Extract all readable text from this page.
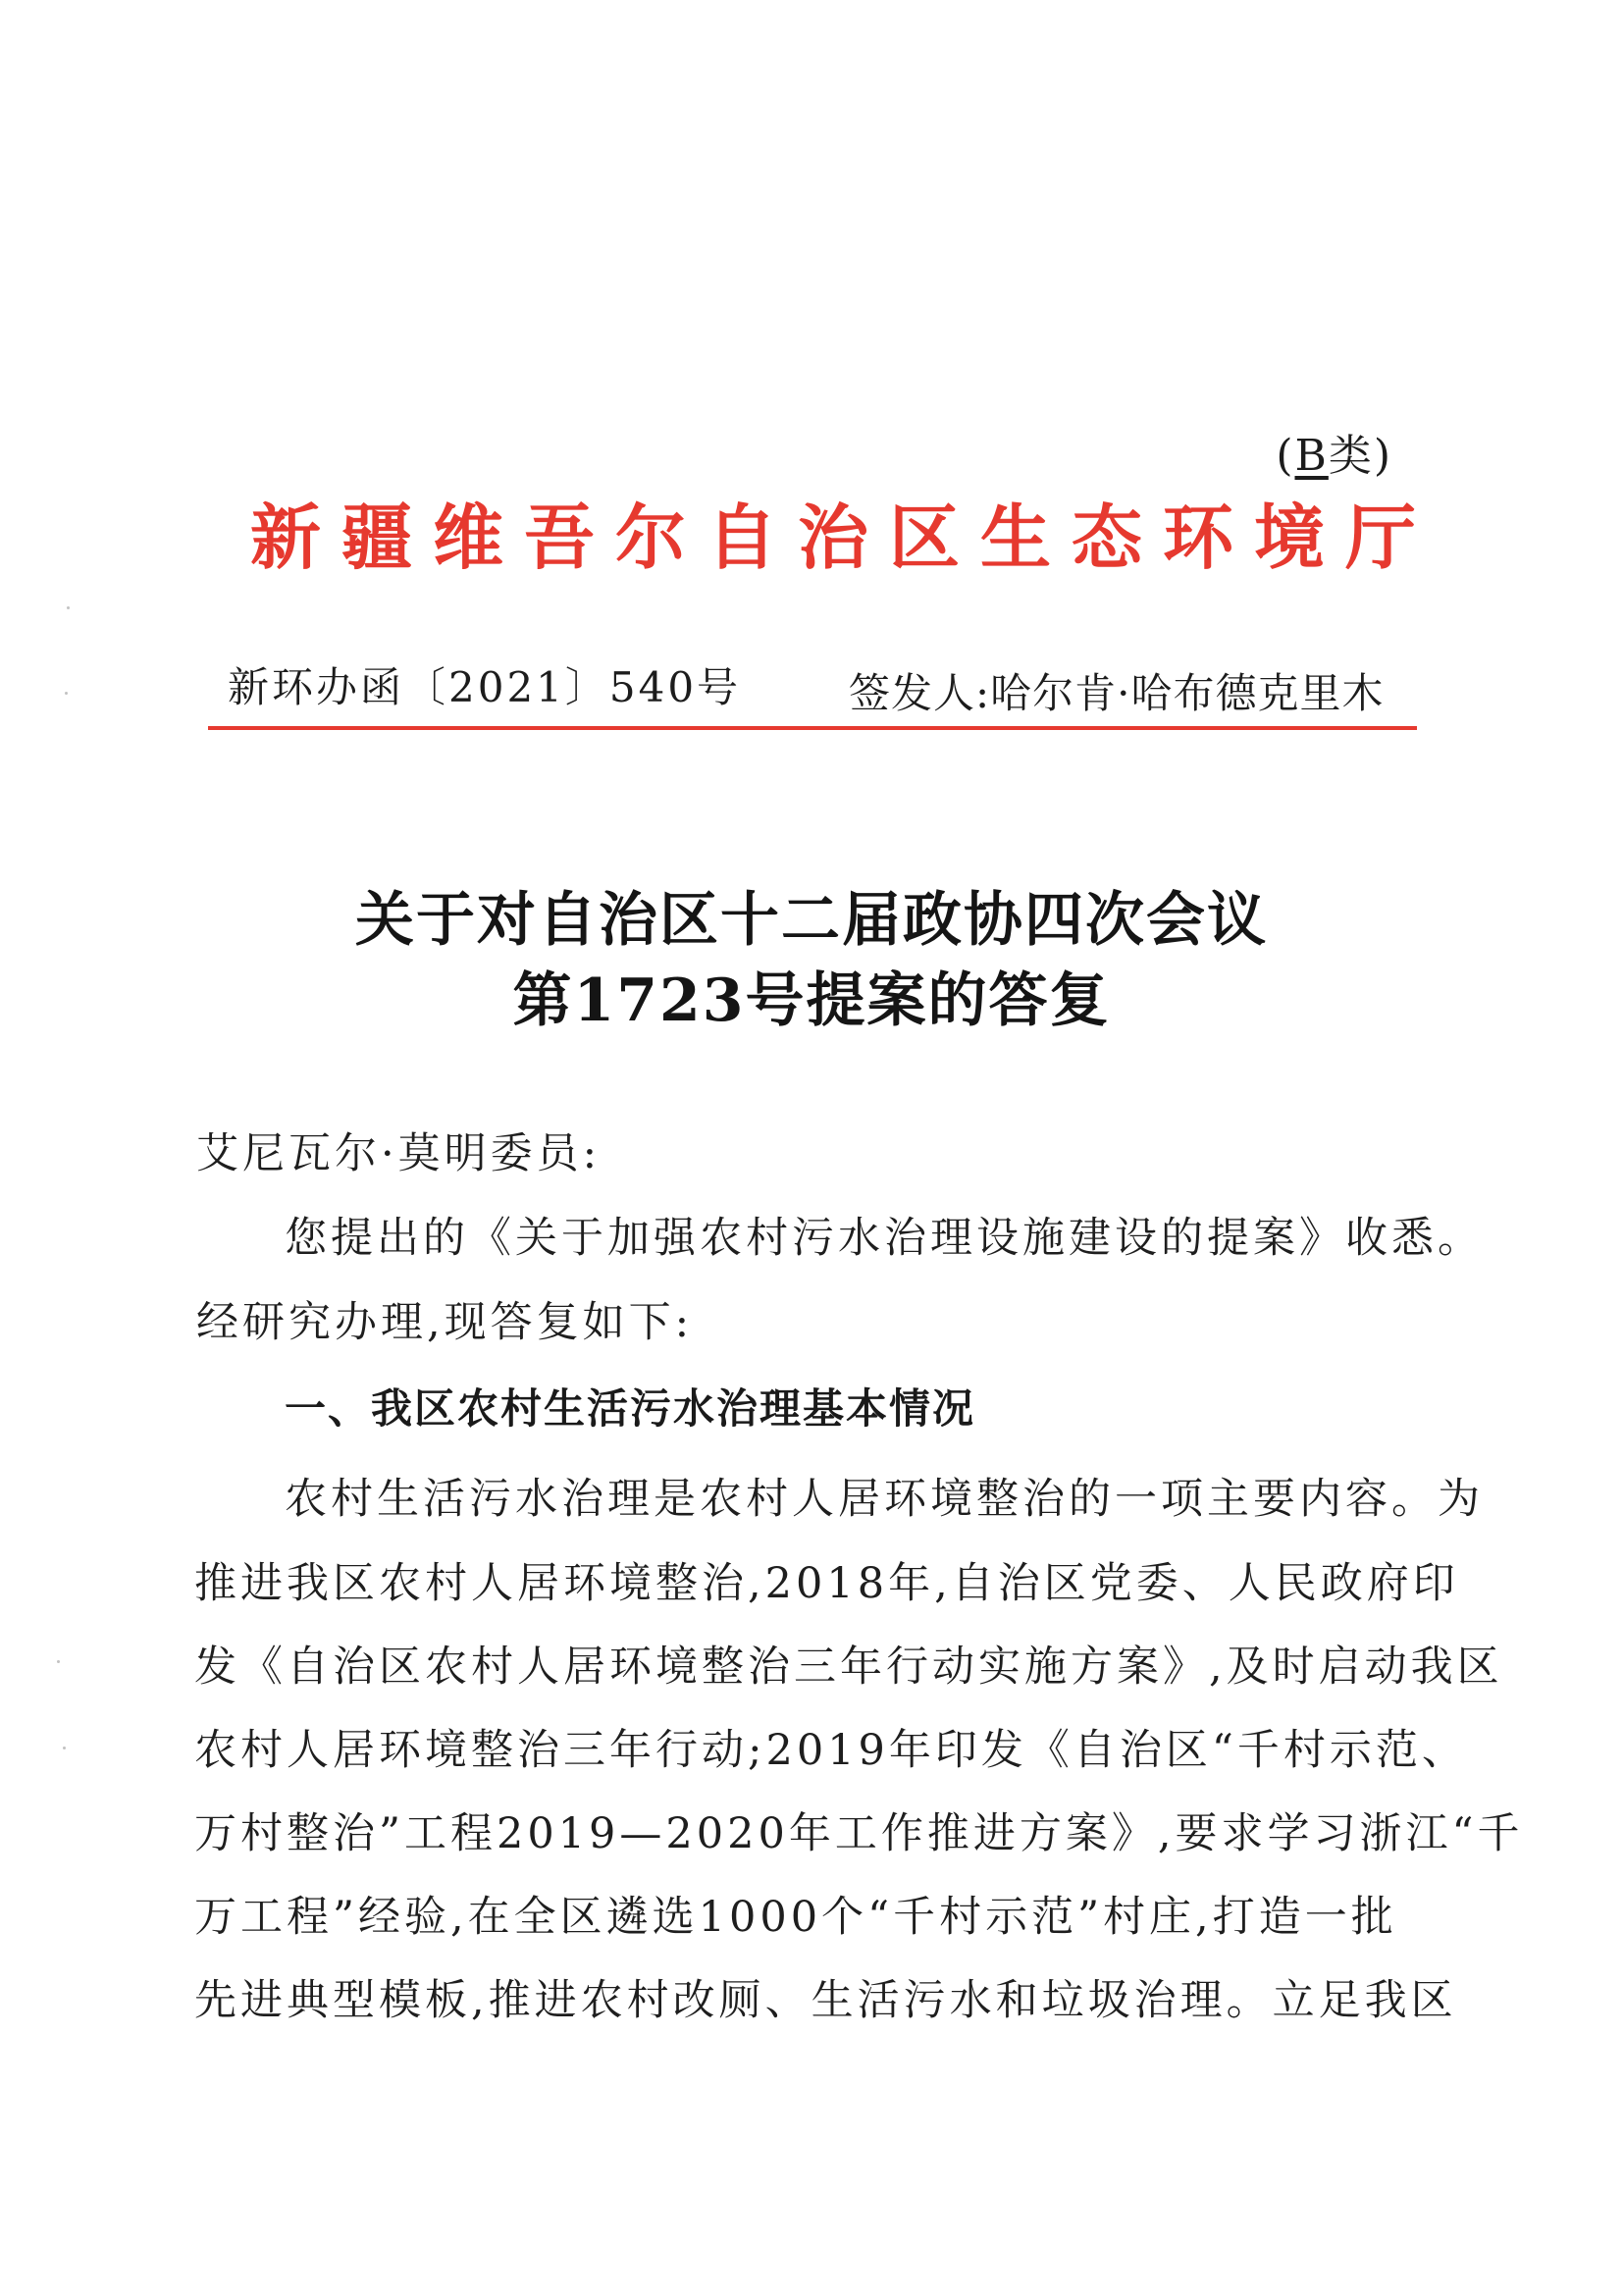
(B类)
新疆维吾尔自治区生态环境厅
新环办函〔2021〕540号	签发人:哈尔肯·哈布德克里木
关于对自治区十二届政协四次会议
第1723号提案的答复
艾尼瓦尔·莫明委员:
您提出的《关于加强农村污水治理设施建设的提案》收悉。
经研究办理,现答复如下:
一、我区农村生活污水治理基本情况
农村生活污水治理是农村人居环境整治的一项主要内容。为
推进我区农村人居环境整治,2018年,自治区党委、人民政府印
发《自治区农村人居环境整治三年行动实施方案》,及时启动我区
农村人居环境整治三年行动;2019年印发《自治区“千村示范、
万村整治”工程2019—2020年工作推进方案》,要求学习浙江“千
万工程”经验,在全区遴选1000个“千村示范”村庄,打造一批
先进典型模板,推进农村改厕、生活污水和垃圾治理。立足我区
